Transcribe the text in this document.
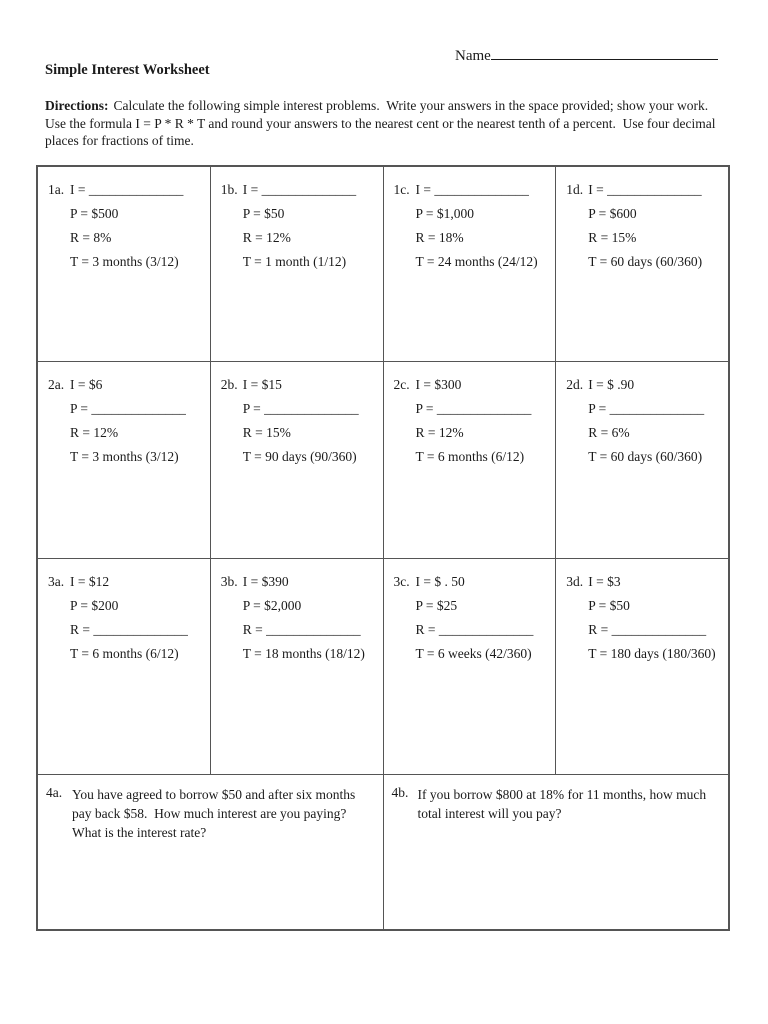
Name
Simple Interest Worksheet
Directions: Calculate the following simple interest problems.  Write your answers in the space provided; show your work.  Use the formula I = P * R * T and round your answers to the nearest cent or the nearest tenth of a percent.  Use four decimal places for fractions of time.
1a. I = ______________
P = $500
R = 8%
T = 3 months (3/12)
1b. I = ______________
P = $50
R = 12%
T = 1 month (1/12)
1c. I = ______________
P = $1,000
R = 18%
T = 24 months (24/12)
1d. I = ______________
P = $600
R = 15%
T = 60 days (60/360)
2a. I = $6
P = ______________
R = 12%
T = 3 months (3/12)
2b. I = $15
P = ______________
R = 15%
T = 90 days (90/360)
2c. I = $300
P = ______________
R = 12%
T = 6 months (6/12)
2d. I = $ .90
P = ______________
R = 6%
T = 60 days (60/360)
3a. I = $12
P = $200
R = ______________
T = 6 months (6/12)
3b. I = $390
P = $2,000
R = ______________
T = 18 months (18/12)
3c. I = $ . 50
P = $25
R = ______________
T = 6 weeks (42/360)
3d. I = $3
P = $50
R = ______________
T = 180 days (180/360)
4a. You have agreed to borrow $50 and after six months pay back $58.  How much interest are you paying? What is the interest rate?
4b. If you borrow $800 at 18% for 11 months, how much total interest will you pay?
